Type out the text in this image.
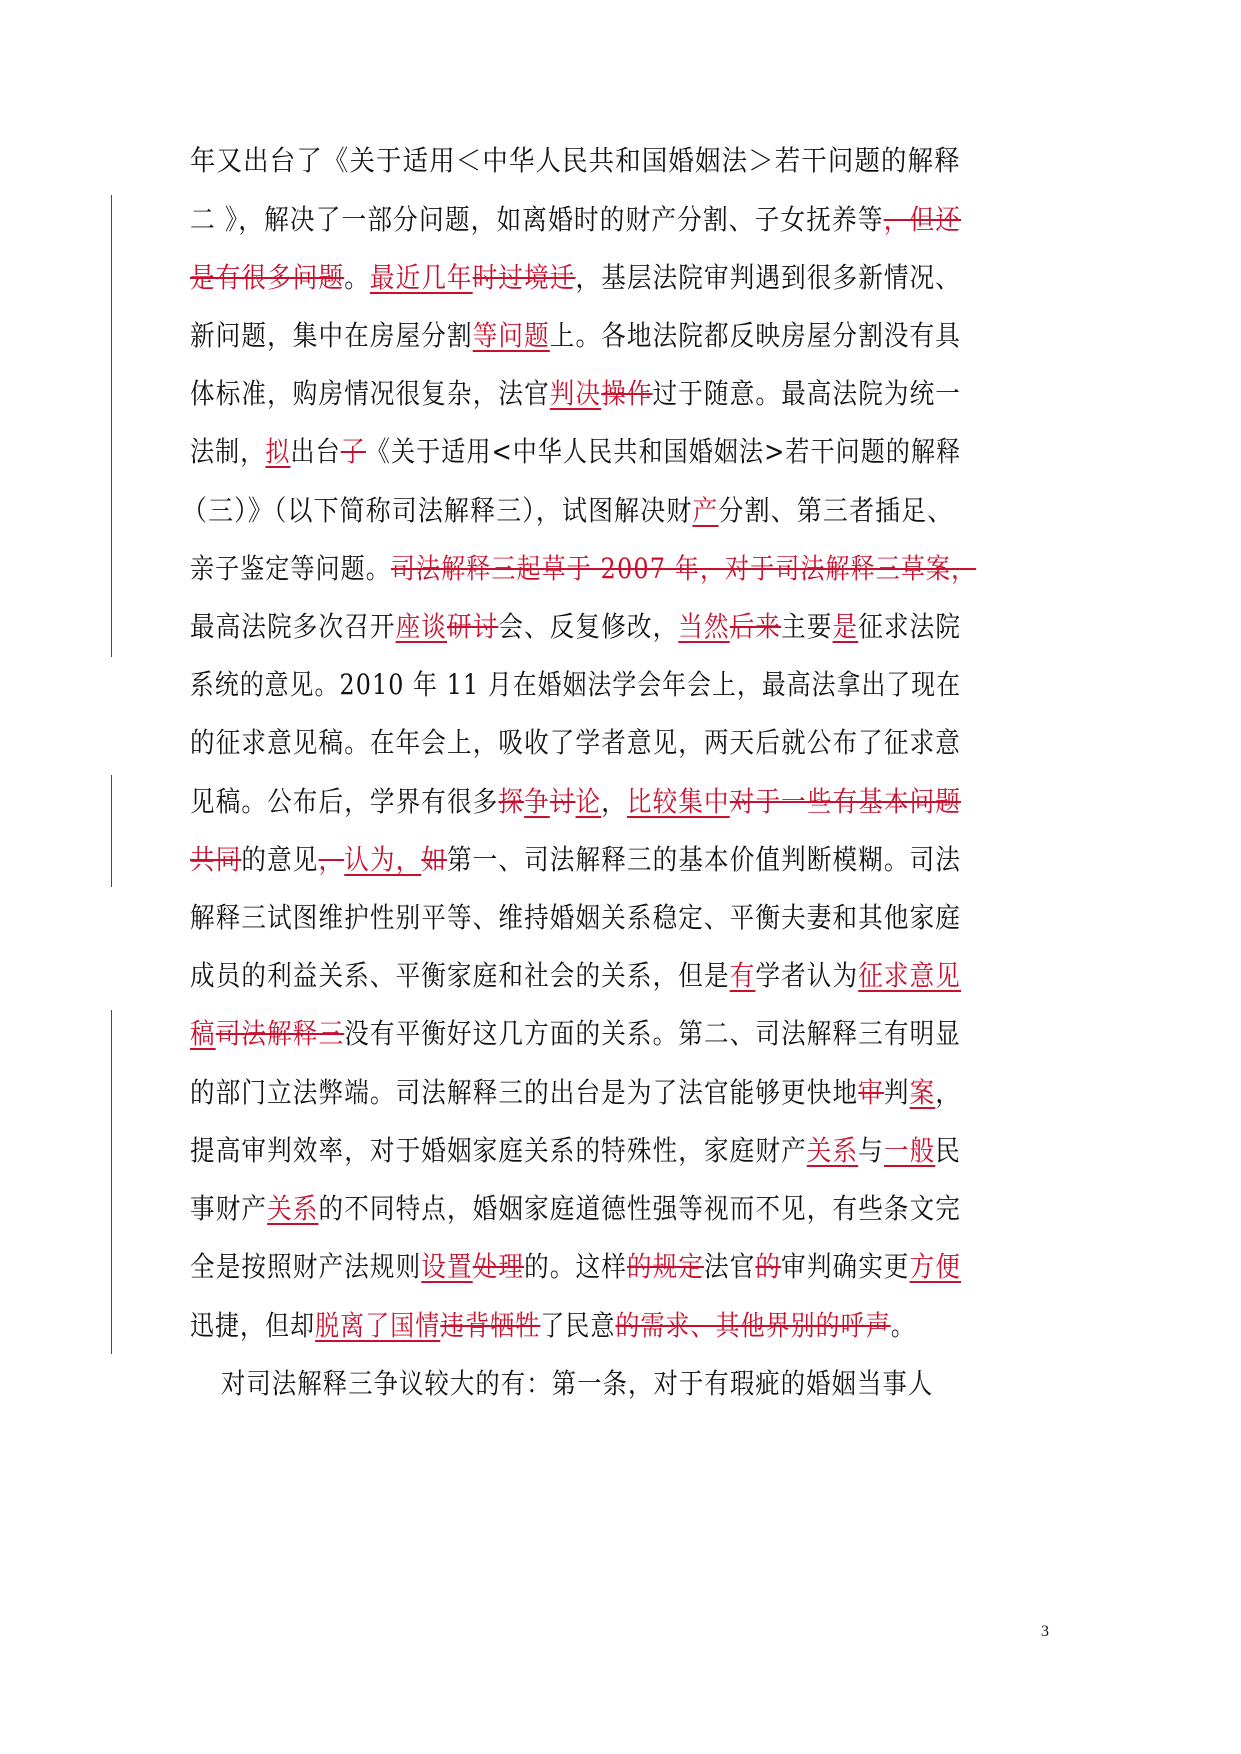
年又出台了《关于适用＜中华人民共和国婚姻法＞若干问题的解释
二 》，解决了一部分问题，如离婚时的财产分割、子女抚养等，但还
是有很多问题。最近几年时过境迁，基层法院审判遇到很多新情况、
新问题，集中在房屋分割等问题上。各地法院都反映房屋分割没有具
体标准，购房情况很复杂，法官判决操作过于随意。最高法院为统一
法制，拟出台了《关于适用<中华人民共和国婚姻法>若干问题的解释
（三）》（以下简称司法解释三），试图解决财产分割、第三者插足、
亲子鉴定等问题。司法解释三起草于 2007 年，对于司法解释三草案，
最高法院多次召开座谈研讨会、反复修改，当然后来主要是征求法院
系统的意见。2010 年 11 月在婚姻法学会年会上，最高法拿出了现在
的征求意见稿。在年会上，吸收了学者意见，两天后就公布了征求意
见稿。公布后，学界有很多探争讨论，比较集中对于一些有基本问题
共同的意见，认为，如第一、司法解释三的基本价值判断模糊。司法
解释三试图维护性别平等、维持婚姻关系稳定、平衡夫妻和其他家庭
成员的利益关系、平衡家庭和社会的关系，但是有学者认为征求意见
稿司法解释三没有平衡好这几方面的关系。第二、司法解释三有明显
的部门立法弊端。司法解释三的出台是为了法官能够更快地审判案，
提高审判效率，对于婚姻家庭关系的特殊性，家庭财产关系与一般民
事财产关系的不同特点，婚姻家庭道德性强等视而不见，有些条文完
全是按照财产法规则设置处理的。这样的规定法官的审判确实更方便
迅捷，但却脱离了国情违背牺牲了民意的需求、其他界别的呼声。
对司法解释三争议较大的有：第一条，对于有瑕疵的婚姻当事人
3
